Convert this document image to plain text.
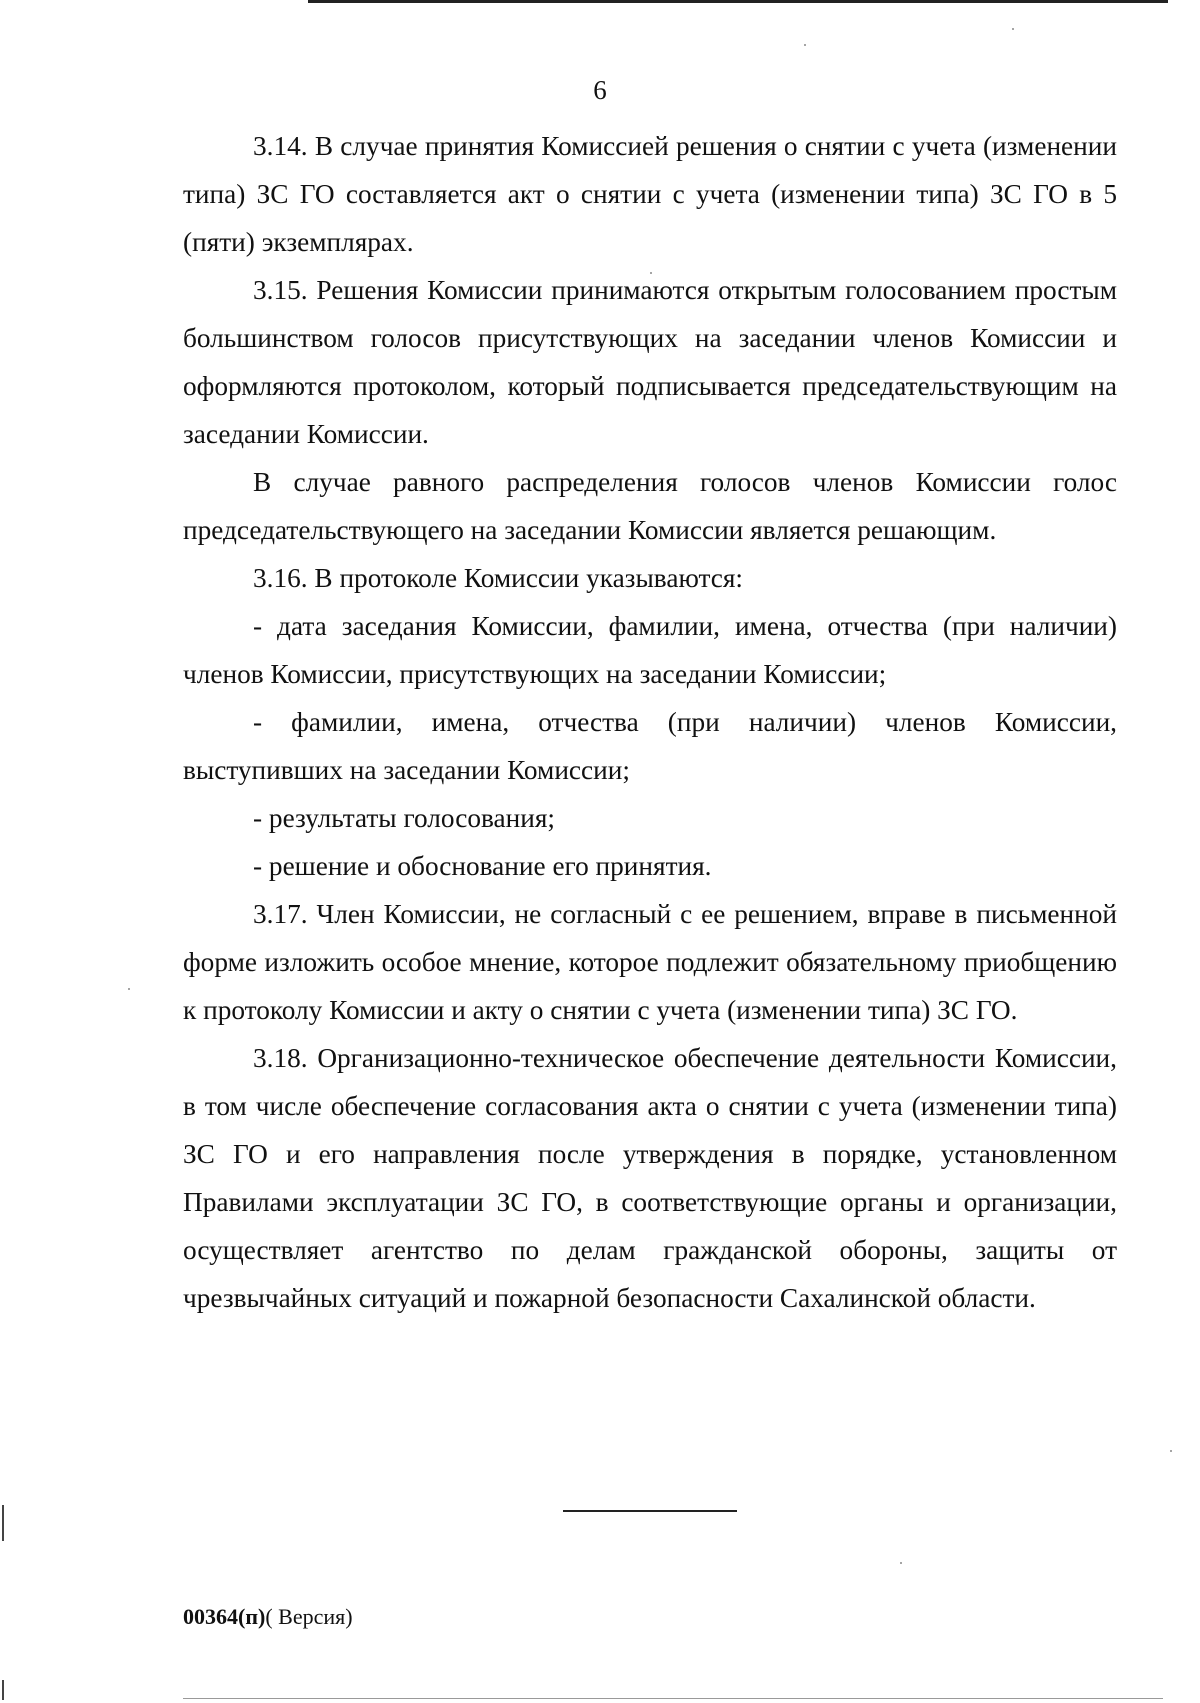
6

3.14. В случае принятия Комиссией решения о снятии с учета (изменении типа) ЗС ГО составляется акт о снятии с учета (изменении типа) ЗС ГО в 5 (пяти) экземплярах.

3.15. Решения Комиссии принимаются открытым голосованием простым большинством голосов присутствующих на заседании членов Комиссии и оформляются протоколом, который подписывается председательствующим на заседании Комиссии.

В случае равного распределения голосов членов Комиссии голос председательствующего на заседании Комиссии является решающим.

3.16. В протоколе Комиссии указываются:

- дата заседания Комиссии, фамилии, имена, отчества (при наличии) членов Комиссии, присутствующих на заседании Комиссии;

- фамилии, имена, отчества (при наличии) членов Комиссии, выступивших на заседании Комиссии;

- результаты голосования;

- решение и обоснование его принятия.

3.17. Член Комиссии, не согласный с ее решением, вправе в письменной форме изложить особое мнение, которое подлежит обязательному приобщению к протоколу Комиссии и акту о снятии с учета (изменении типа) ЗС ГО.

3.18. Организационно-техническое обеспечение деятельности Комиссии, в том числе обеспечение согласования акта о снятии с учета (изменении типа) ЗС ГО и его направления после утверждения в порядке, установленном Правилами эксплуатации ЗС ГО, в соответствующие органы и организации, осуществляет агентство по делам гражданской обороны, защиты от чрезвычайных ситуаций и пожарной безопасности Сахалинской области.

00364(п)( Версия)
